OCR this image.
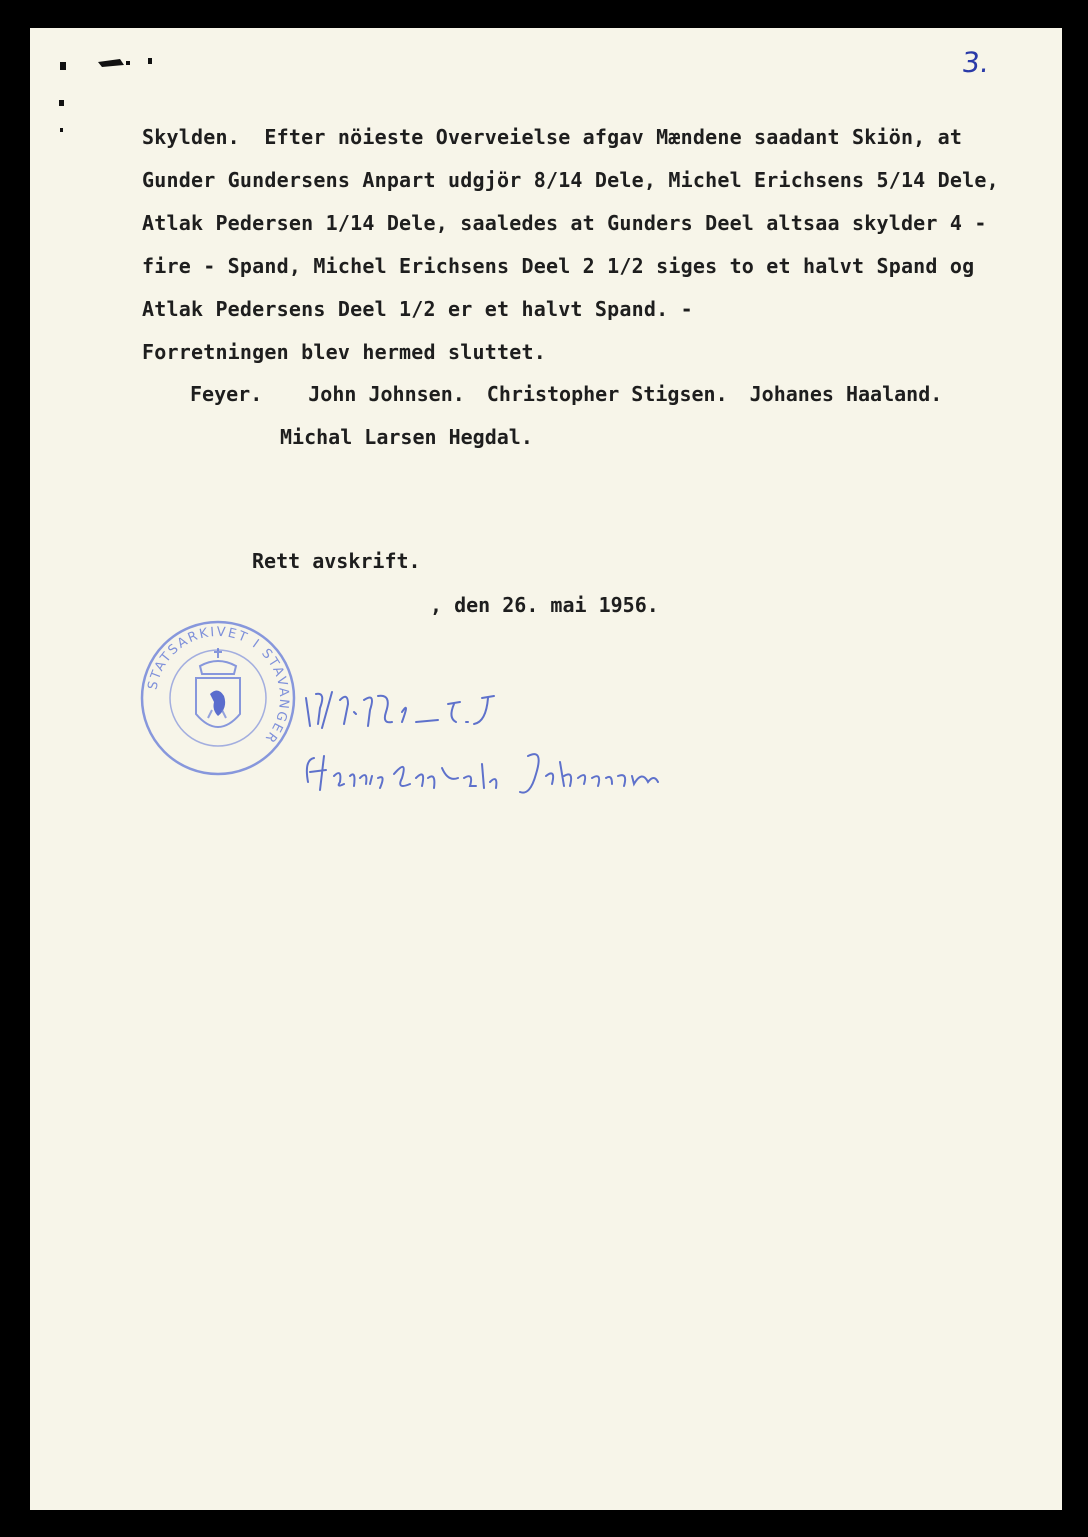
3.
Skylden.  Efter nöieste Overveielse afgav Mændene saadant Skiön, at
Gunder Gundersens Anpart udgjör 8/14 Dele, Michel Erichsens 5/14 Dele,
Atlak Pedersen 1/14 Dele, saaledes at Gunders Deel altsaa skylder 4 -
fire - Spand, Michel Erichsens Deel 2 1/2 siges to et halvt Spand og
Atlak Pedersens Deel 1/2 er et halvt Spand. -
Forretningen blev hermed sluttet.
Feyer. John Johnsen. Christopher Stigsen. Johanes Haaland.
Michal Larsen Hegdal.
Rett avskrift.
, den 26. mai 1956.
STATSARKIVET I STAVANGER
